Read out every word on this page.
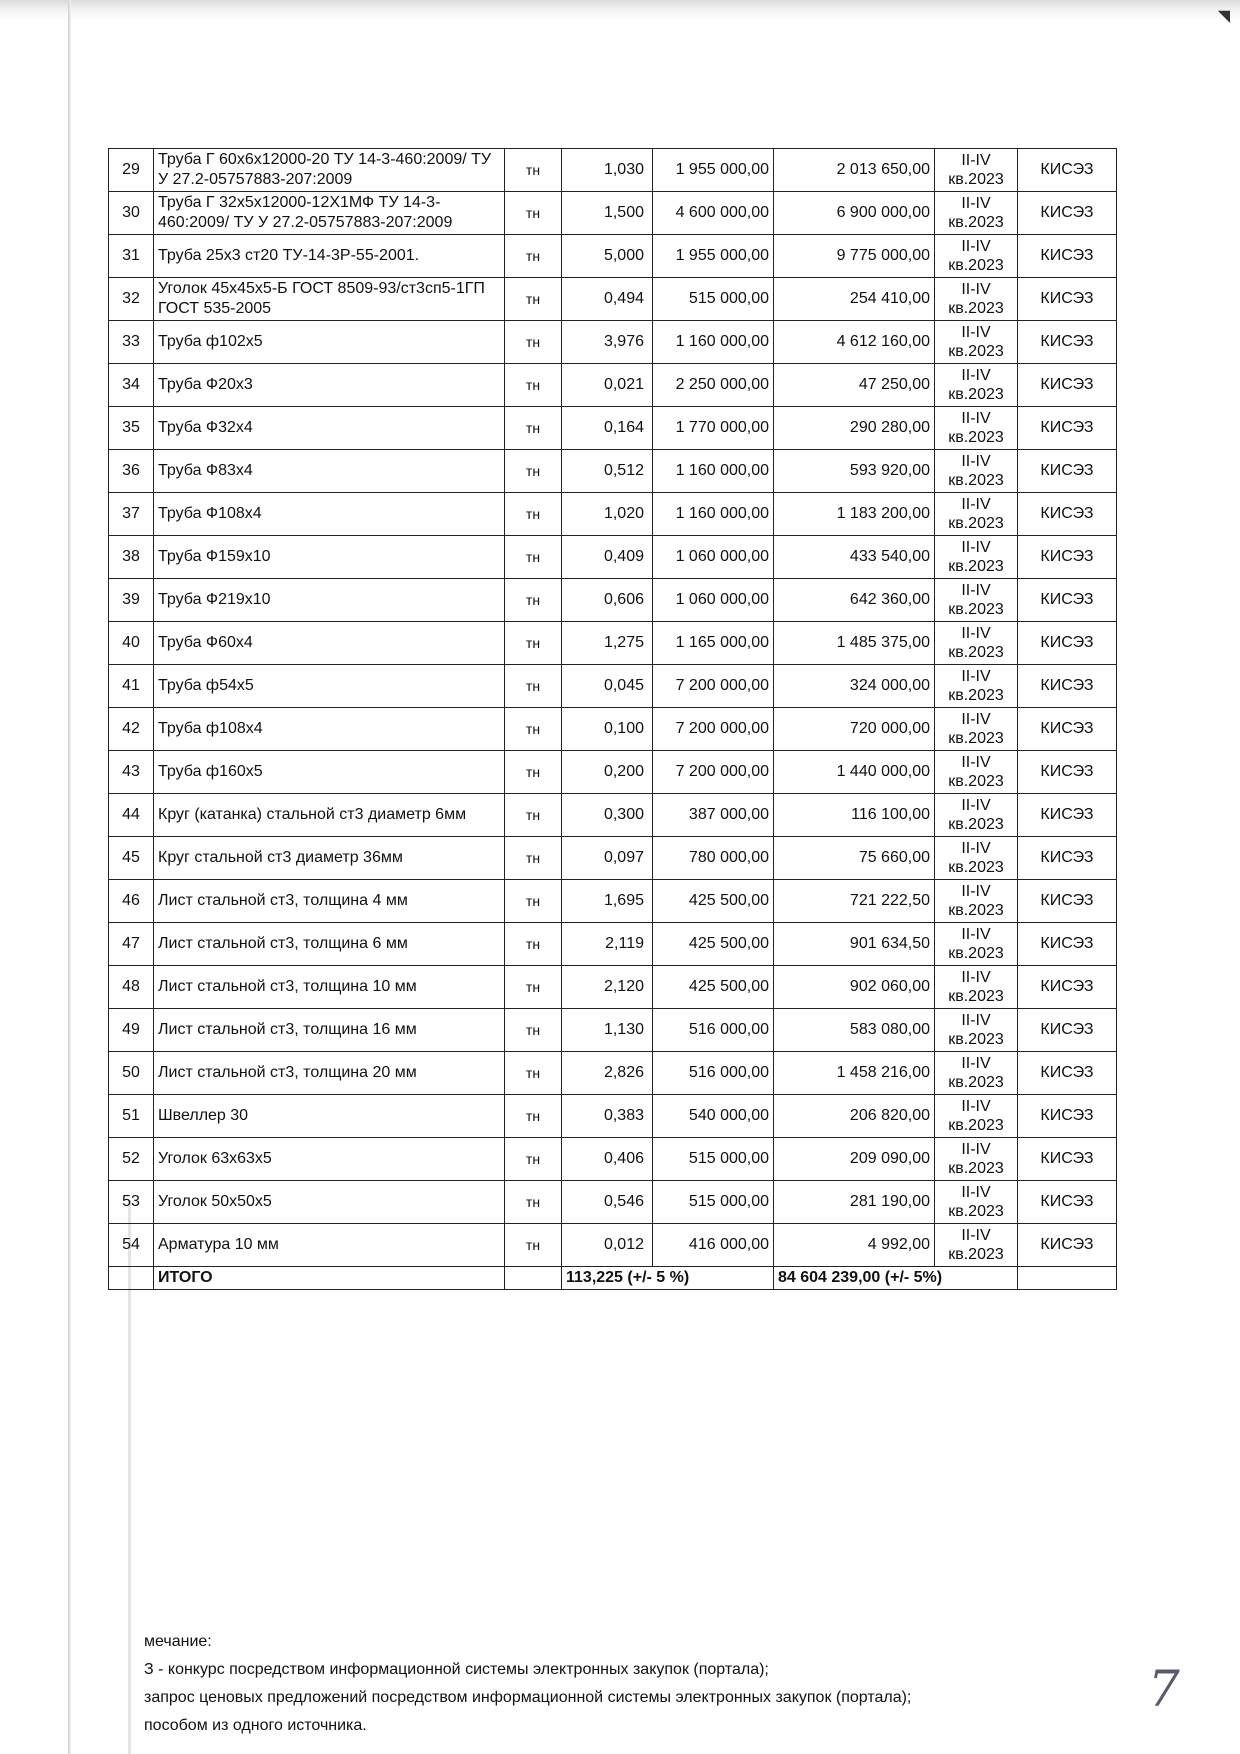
◥
29	Труба Г 60х6х12000-20 ТУ 14-3-460:2009/ ТУ У 27.2-05757883-207:2009	тн	1,030	1 955 000,00	2 013 650,00	II-IV кв.2023	КИСЭЗ
30	Труба Г 32х5х12000-12Х1МФ ТУ 14-3-460:2009/ ТУ У 27.2-05757883-207:2009	тн	1,500	4 600 000,00	6 900 000,00	II-IV кв.2023	КИСЭЗ
31	Труба 25х3 ст20 ТУ-14-3Р-55-2001.	тн	5,000	1 955 000,00	9 775 000,00	II-IV кв.2023	КИСЭЗ
32	Уголок 45х45х5-Б ГОСТ 8509-93/ст3сп5-1ГП ГОСТ 535-2005	тн	0,494	515 000,00	254 410,00	II-IV кв.2023	КИСЭЗ
33	Труба ф102х5	тн	3,976	1 160 000,00	4 612 160,00	II-IV кв.2023	КИСЭЗ
34	Труба Ф20х3	тн	0,021	2 250 000,00	47 250,00	II-IV кв.2023	КИСЭЗ
35	Труба Ф32х4	тн	0,164	1 770 000,00	290 280,00	II-IV кв.2023	КИСЭЗ
36	Труба Ф83х4	тн	0,512	1 160 000,00	593 920,00	II-IV кв.2023	КИСЭЗ
37	Труба Ф108х4	тн	1,020	1 160 000,00	1 183 200,00	II-IV кв.2023	КИСЭЗ
38	Труба Ф159х10	тн	0,409	1 060 000,00	433 540,00	II-IV кв.2023	КИСЭЗ
39	Труба Ф219х10	тн	0,606	1 060 000,00	642 360,00	II-IV кв.2023	КИСЭЗ
40	Труба Ф60х4	тн	1,275	1 165 000,00	1 485 375,00	II-IV кв.2023	КИСЭЗ
41	Труба ф54х5	тн	0,045	7 200 000,00	324 000,00	II-IV кв.2023	КИСЭЗ
42	Труба ф108х4	тн	0,100	7 200 000,00	720 000,00	II-IV кв.2023	КИСЭЗ
43	Труба ф160х5	тн	0,200	7 200 000,00	1 440 000,00	II-IV кв.2023	КИСЭЗ
44	Круг (катанка) стальной ст3 диаметр 6мм	тн	0,300	387 000,00	116 100,00	II-IV кв.2023	КИСЭЗ
45	Круг стальной ст3 диаметр 36мм	тн	0,097	780 000,00	75 660,00	II-IV кв.2023	КИСЭЗ
46	Лист стальной ст3, толщина 4 мм	тн	1,695	425 500,00	721 222,50	II-IV кв.2023	КИСЭЗ
47	Лист стальной ст3, толщина 6 мм	тн	2,119	425 500,00	901 634,50	II-IV кв.2023	КИСЭЗ
48	Лист стальной ст3, толщина 10 мм	тн	2,120	425 500,00	902 060,00	II-IV кв.2023	КИСЭЗ
49	Лист стальной ст3, толщина 16 мм	тн	1,130	516 000,00	583 080,00	II-IV кв.2023	КИСЭЗ
50	Лист стальной ст3, толщина 20 мм	тн	2,826	516 000,00	1 458 216,00	II-IV кв.2023	КИСЭЗ
51	Швеллер 30	тн	0,383	540 000,00	206 820,00	II-IV кв.2023	КИСЭЗ
52	Уголок 63х63х5	тн	0,406	515 000,00	209 090,00	II-IV кв.2023	КИСЭЗ
53	Уголок 50х50х5	тн	0,546	515 000,00	281 190,00	II-IV кв.2023	КИСЭЗ
54	Арматура 10 мм	тн	0,012	416 000,00	4 992,00	II-IV кв.2023	КИСЭЗ
	ИТОГО		113,225 (+/- 5 %)		84 604 239,00 (+/- 5%)		
мечание:
З - конкурс посредством информационной системы электронных закупок (портала);
запрос ценовых предложений посредством информационной системы электронных закупок (портала);
пособом из одного источника.
7
